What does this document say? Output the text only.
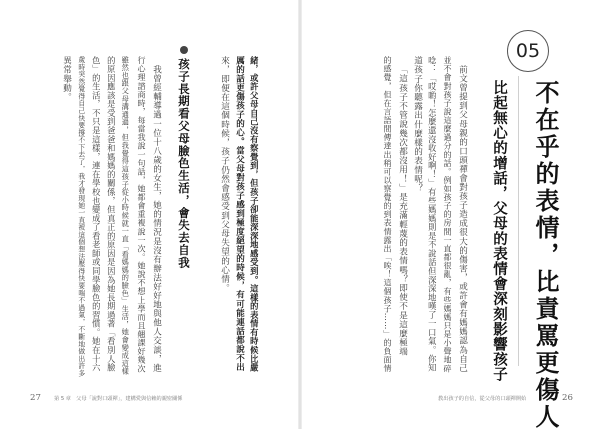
05
不在乎的表情，比責罵更傷人
比起無心的增話，父母的表情會深刻影響孩子
前文曾提到父母親的口頭禪會對孩子造成很大的傷害，或許會有媽媽認為自己
並不會對孩子說這麼過分的話。例如孩子的房間一直都很亂，有些媽媽只是小聲地碎
唸：「哎喲！怎麼還沒收好啊！」有些媽媽則是不說話但深深地嘆了一口氣。你知
道孩子你聽露出什麼樣的表情呢？
「這孩子不管說幾次都沒用！」是充滿輕蔑的表情嗎？即使不是這麼極端
的感覺，但在言語間傳達出稍可以察覺的到表情露出「唉！這個孩子……」的負面情
教出孩子的自信，從父母的口頭禪開始	26
緒，或許父母自己沒有察覺到，但孩子卻能深深地感受到。這樣的表情有時候比嚴
厲的話更傷孩子的心。當父母對孩子感到極度絕望的時候，有可能連話都說不出
來，即便在這個時候，孩子仍然會感受到父母失望的心情。
孩子長期看父母臉色生活，會失去自我
我曾經輔導過一位十八歲的女生，她的情況是沒有辦法好好地與他人交談，進
行心理諮商時，每當我說一句話，她都會重複說一次。她說不想上學而且翹課好幾次
雖然也跟父母溝通過，但我覺得這孩子從小時候就一直「看媽媽的臉色」生活，她會變成這樣
的原因應該是受到爸爸和媽媽的關係，但真正的原因是因為她長期過著「看別人臉
色」的生活，不只是這樣，連在學校也變成了看老師或同學臉色的習慣。她在十六
歲時突然覺得自己快要撐不下去了，我才發現她一直被這個想法壓得快要喘不過氣，不斷地做出許多
異常舉動。
27	第 5 章　父母「說對口頭禪」，建構愛與信賴的親密關係
